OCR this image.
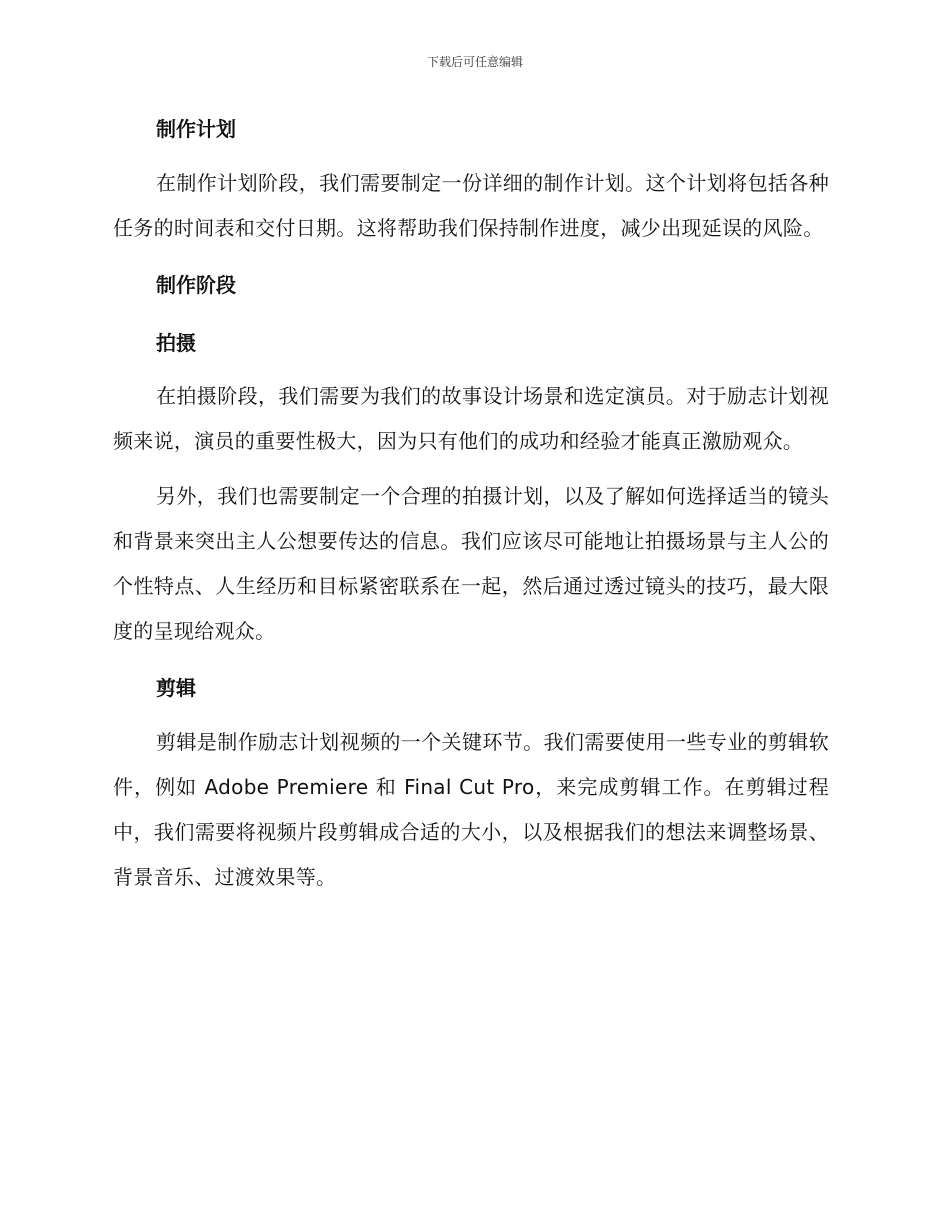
下载后可任意编辑
制作计划

在制作计划阶段，我们需要制定一份详细的制作计划。这个计划将包括各种任务的时间表和交付日期。这将帮助我们保持制作进度，减少出现延误的风险。

制作阶段
拍摄

在拍摄阶段，我们需要为我们的故事设计场景和选定演员。对于励志计划视频来说，演员的重要性极大，因为只有他们的成功和经验才能真正激励观众。

另外，我们也需要制定一个合理的拍摄计划，以及了解如何选择适当的镜头和背景来突出主人公想要传达的信息。我们应该尽可能地让拍摄场景与主人公的个性特点、人生经历和目标紧密联系在一起，然后通过透过镜头的技巧，最大限度的呈现给观众。

剪辑

剪辑是制作励志计划视频的一个关键环节。我们需要使用一些专业的剪辑软件，例如 Adobe Premiere 和 Final Cut Pro，来完成剪辑工作。在剪辑过程中，我们需要将视频片段剪辑成合适的大小，以及根据我们的想法来调整场景、背景音乐、过渡效果等。
